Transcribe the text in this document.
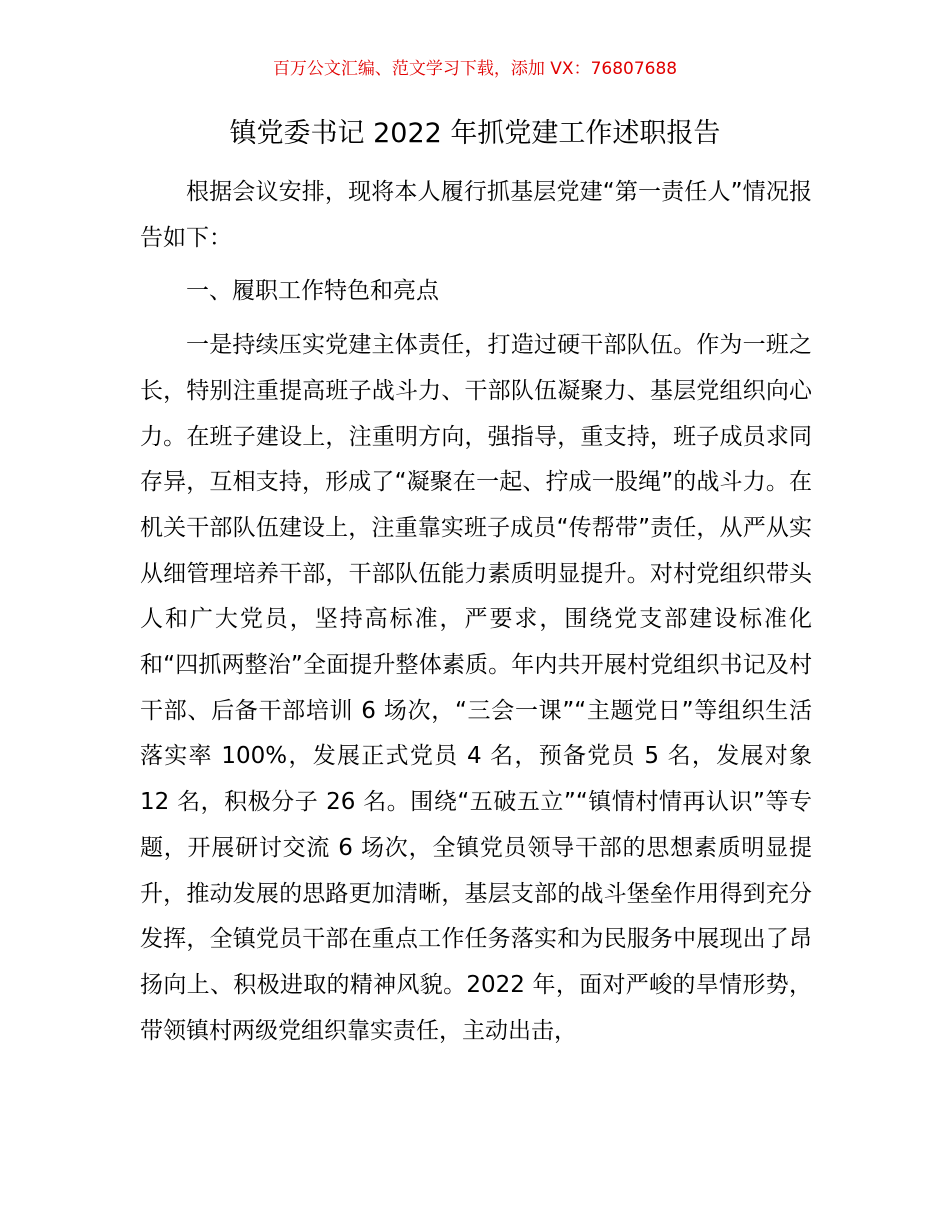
百万公文汇编、范文学习下载，添加 VX：76807688
镇党委书记 2022 年抓党建工作述职报告

根据会议安排，现将本人履行抓基层党建“第一责任人”情况报告如下：

一、履职工作特色和亮点

一是持续压实党建主体责任，打造过硬干部队伍。作为一班之长，特别注重提高班子战斗力、干部队伍凝聚力、基层党组织向心力。在班子建设上，注重明方向，强指导，重支持，班子成员求同存异，互相支持，形成了“凝聚在一起、拧成一股绳”的战斗力。在机关干部队伍建设上，注重靠实班子成员“传帮带”责任，从严从实从细管理培养干部，干部队伍能力素质明显提升。对村党组织带头人和广大党员，坚持高标准，严要求，围绕党支部建设标准化和“四抓两整治”全面提升整体素质。年内共开展村党组织书记及村干部、后备干部培训 6 场次，“三会一课”“主题党日”等组织生活落实率 100%，发展正式党员 4 名，预备党员 5 名，发展对象 12 名，积极分子 26 名。围绕“五破五立”“镇情村情再认识”等专题，开展研讨交流 6 场次，全镇党员领导干部的思想素质明显提升，推动发展的思路更加清晰，基层支部的战斗堡垒作用得到充分发挥，全镇党员干部在重点工作任务落实和为民服务中展现出了昂扬向上、积极进取的精神风貌。2022 年，面对严峻的旱情形势，带领镇村两级党组织靠实责任，主动出击，
